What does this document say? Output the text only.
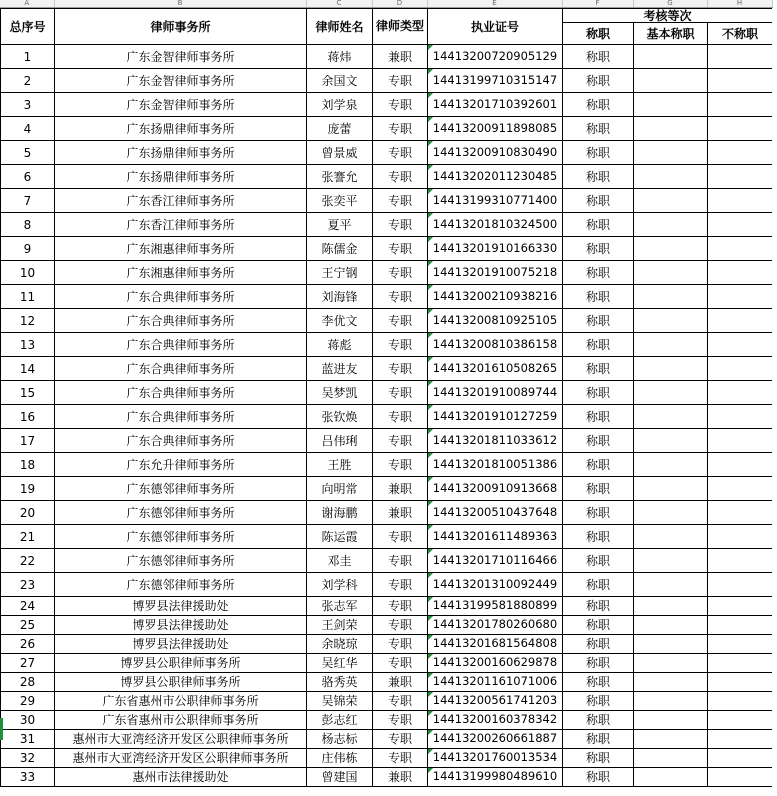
A	B	C	D	E	F	G	H
总序号	律师事务所	律师姓名	律师类型	执业证号	考核等次		
					称职	基本称职	不称职
1	广东金智律师事务所	蒋炜	兼职	14413200720905129	称职		
2	广东金智律师事务所	余国文	专职	14413199710315147	称职		
3	广东金智律师事务所	刘学泉	专职	14413201710392601	称职		
4	广东扬鼎律师事务所	庞蕾	专职	14413200911898085	称职		
5	广东扬鼎律师事务所	曾景威	专职	14413200910830490	称职		
6	广东扬鼎律师事务所	张謇允	专职	14413202011230485	称职		
7	广东香江律师事务所	张奕平	专职	14413199310771400	称职		
8	广东香江律师事务所	夏平	专职	14413201810324500	称职		
9	广东湘惠律师事务所	陈儒金	专职	14413201910166330	称职		
10	广东湘惠律师事务所	王宁钢	专职	14413201910075218	称职		
11	广东合典律师事务所	刘海锋	专职	14413200210938216	称职		
12	广东合典律师事务所	李优文	专职	14413200810925105	称职		
13	广东合典律师事务所	蒋彪	专职	14413200810386158	称职		
14	广东合典律师事务所	蓝进友	专职	14413201610508265	称职		
15	广东合典律师事务所	吴梦凯	专职	14413201910089744	称职		
16	广东合典律师事务所	张钦焕	专职	14413201910127259	称职		
17	广东合典律师事务所	吕伟琍	专职	14413201811033612	称职		
18	广东允升律师事务所	王胜	专职	14413201810051386	称职		
19	广东德邻律师事务所	向明常	兼职	14413200910913668	称职		
20	广东德邻律师事务所	谢海鹏	兼职	14413200510437648	称职		
21	广东德邻律师事务所	陈运霞	专职	14413201611489363	称职		
22	广东德邻律师事务所	邓圭	专职	14413201710116466	称职		
23	广东德邻律师事务所	刘学科	专职	14413201310092449	称职		
24	博罗县法律援助处	张志军	专职	14413199581880899	称职		
25	博罗县法律援助处	王剑荣	专职	14413201780260680	称职		
26	博罗县法律援助处	余晓琼	专职	14413201681564808	称职		
27	博罗县公职律师事务所	吴红华	专职	14413200160629878	称职		
28	博罗县公职律师事务所	骆秀英	兼职	14413201161071006	称职		
29	广东省惠州市公职律师事务所	吴锦荣	专职	14413200561741203	称职		
30	广东省惠州市公职律师事务所	彭志红	专职	14413200160378342	称职		
31	惠州市大亚湾经济开发区公职律师事务所	杨志标	专职	14413200260661887	称职		
32	惠州市大亚湾经济开发区公职律师事务所	庄伟栋	专职	14413201760013534	称职		
33	惠州市法律援助处	曾建国	兼职	14413199980489610	称职		
